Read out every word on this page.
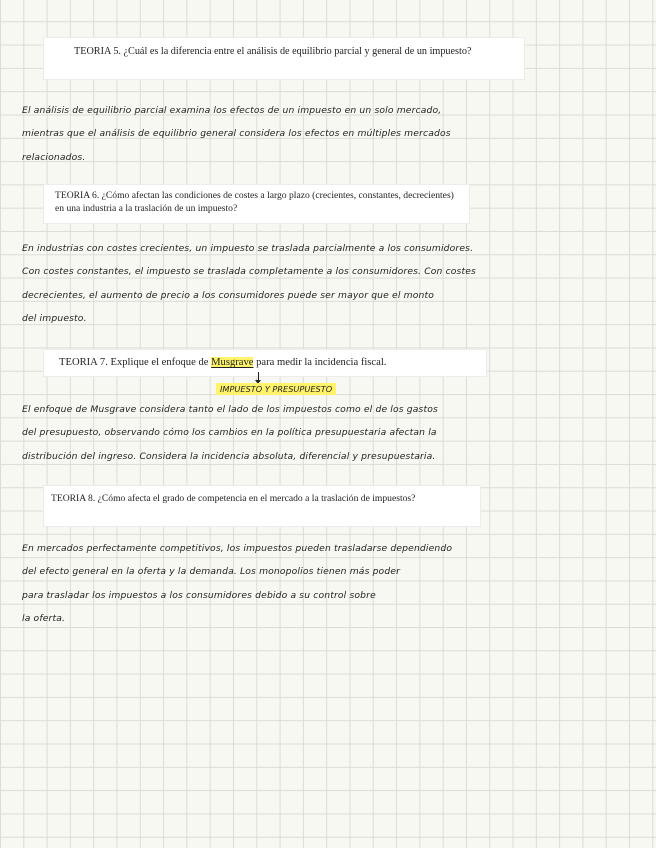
TEORIA 5. ¿Cuál es la diferencia entre el análisis de equilibrio parcial y general de un impuesto?
El análisis de equilibrio parcial examina los efectos de un impuesto en un solo mercado,
mientras que el análisis de equilibrio general considera los efectos en múltiples mercados
relacionados.
TEORIA 6. ¿Cómo afectan las condiciones de costes a largo plazo (crecientes, constantes, decrecientes) en una industria a la traslación de un impuesto?
En industrias con costes crecientes, un impuesto se traslada parcialmente a los consumidores.
Con costes constantes, el impuesto se traslada completamente a los consumidores. Con costes
decrecientes, el aumento de precio a los consumidores puede ser mayor que el monto
del impuesto.
TEORIA 7. Explique el enfoque de Musgrave para medir la incidencia fiscal.
IMPUESTO Y PRESUPUESTO
El enfoque de Musgrave considera tanto el lado de los impuestos como el de los gastos
del presupuesto, observando cómo los cambios en la política presupuestaria afectan la
distribución del ingreso. Considera la incidencia absoluta, diferencial y presupuestaria.
TEORIA 8. ¿Cómo afecta el grado de competencia en el mercado a la traslación de impuestos?
En mercados perfectamente competitivos, los impuestos pueden trasladarse dependiendo
del efecto general en la oferta y la demanda. Los monopolios tienen más poder
para trasladar los impuestos a los consumidores debido a su control sobre
la oferta.
